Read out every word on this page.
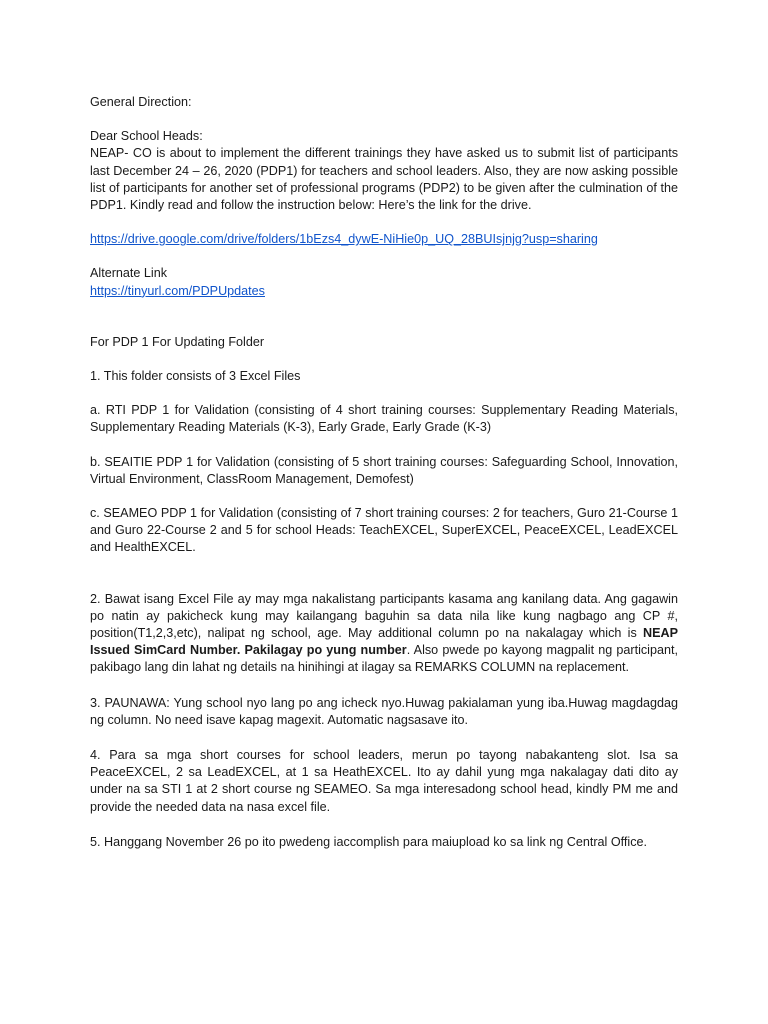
General Direction:

Dear School Heads:

NEAP- CO is about to implement the different trainings they have asked us to submit list of participants last December 24 – 26, 2020 (PDP1) for teachers and school leaders. Also, they are now asking possible list of participants for another set of professional programs (PDP2) to be given after the culmination of the PDP1. Kindly read and follow the instruction below: Here’s the link for the drive.

https://drive.google.com/drive/folders/1bEzs4_dywE-NiHie0p_UQ_28BUIsjnjg?usp=sharing

Alternate Link

https://tinyurl.com/PDPUpdates

For PDP 1 For Updating Folder

1. This folder consists of 3 Excel Files

a. RTI PDP 1 for Validation (consisting of 4 short training courses: Supplementary Reading Materials, Supplementary Reading Materials (K-3), Early Grade, Early Grade (K-3)

b. SEAITIE PDP 1 for Validation (consisting of 5 short training courses: Safeguarding School, Innovation, Virtual Environment, ClassRoom Management, Demofest)

c. SEAMEO PDP 1 for Validation (consisting of 7 short training courses: 2 for teachers, Guro 21-Course 1 and Guro 22-Course 2 and 5 for school Heads: TeachEXCEL, SuperEXCEL, PeaceEXCEL, LeadEXCEL and HealthEXCEL.

2. Bawat isang Excel File ay may mga nakalistang participants kasama ang kanilang data. Ang gagawin po natin ay pakicheck kung may kailangang baguhin sa data nila like kung nagbago ang CP #, position(T1,2,3,etc), nalipat ng school, age. May additional column po na nakalagay which is NEAP Issued SimCard Number. Pakilagay po yung number. Also pwede po kayong magpalit ng participant, pakibago lang din lahat ng details na hinihingi at ilagay sa REMARKS COLUMN na replacement.

3. PAUNAWA: Yung school nyo lang po ang icheck nyo.Huwag pakialaman yung iba.Huwag magdagdag ng column. No need isave kapag magexit. Automatic nagsasave ito.

4. Para sa mga short courses for school leaders, merun po tayong nabakanteng slot. Isa sa PeaceEXCEL, 2 sa LeadEXCEL, at 1 sa HeathEXCEL. Ito ay dahil yung mga nakalagay dati dito ay under na sa STI 1 at 2 short course ng SEAMEO. Sa mga interesadong school head, kindly PM me and provide the needed data na nasa excel file.

5. Hanggang November 26 po ito pwedeng iaccomplish para maiupload ko sa link ng Central Office.
